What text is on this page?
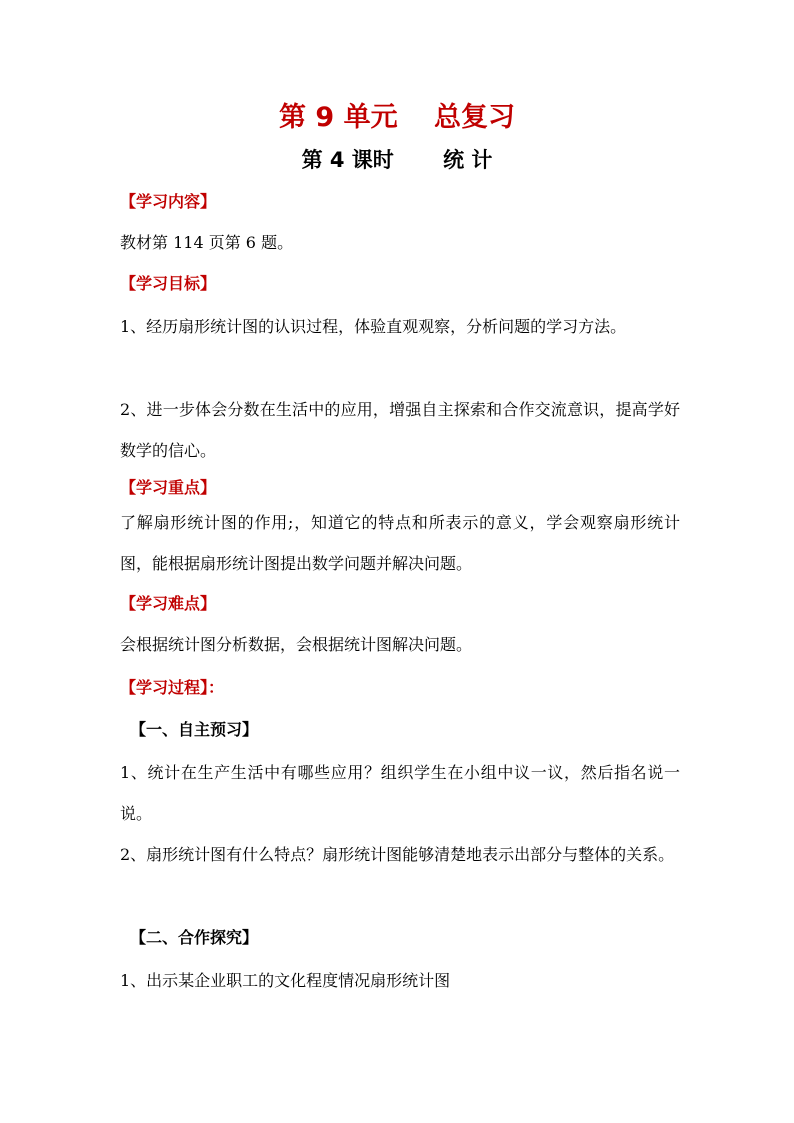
第 9 单元　 总复习
第 4 课时　　 统 计
【学习内容】
教材第 114 页第 6 题。
【学习目标】
1、经历扇形统计图的认识过程，体验直观观察，分析问题的学习方法。
2、进一步体会分数在生活中的应用，增强自主探索和合作交流意识，提高学好数学的信心。
【学习重点】
了解扇形统计图的作用;，知道它的特点和所表示的意义，学会观察扇形统计图，能根据扇形统计图提出数学问题并解决问题。
【学习难点】
会根据统计图分析数据，会根据统计图解决问题。
【学习过程】：
【一、自主预习】
1、统计在生产生活中有哪些应用？组织学生在小组中议一议，然后指名说一说。
2、扇形统计图有什么特点？扇形统计图能够清楚地表示出部分与整体的关系。
【二、合作探究】
1、出示某企业职工的文化程度情况扇形统计图
